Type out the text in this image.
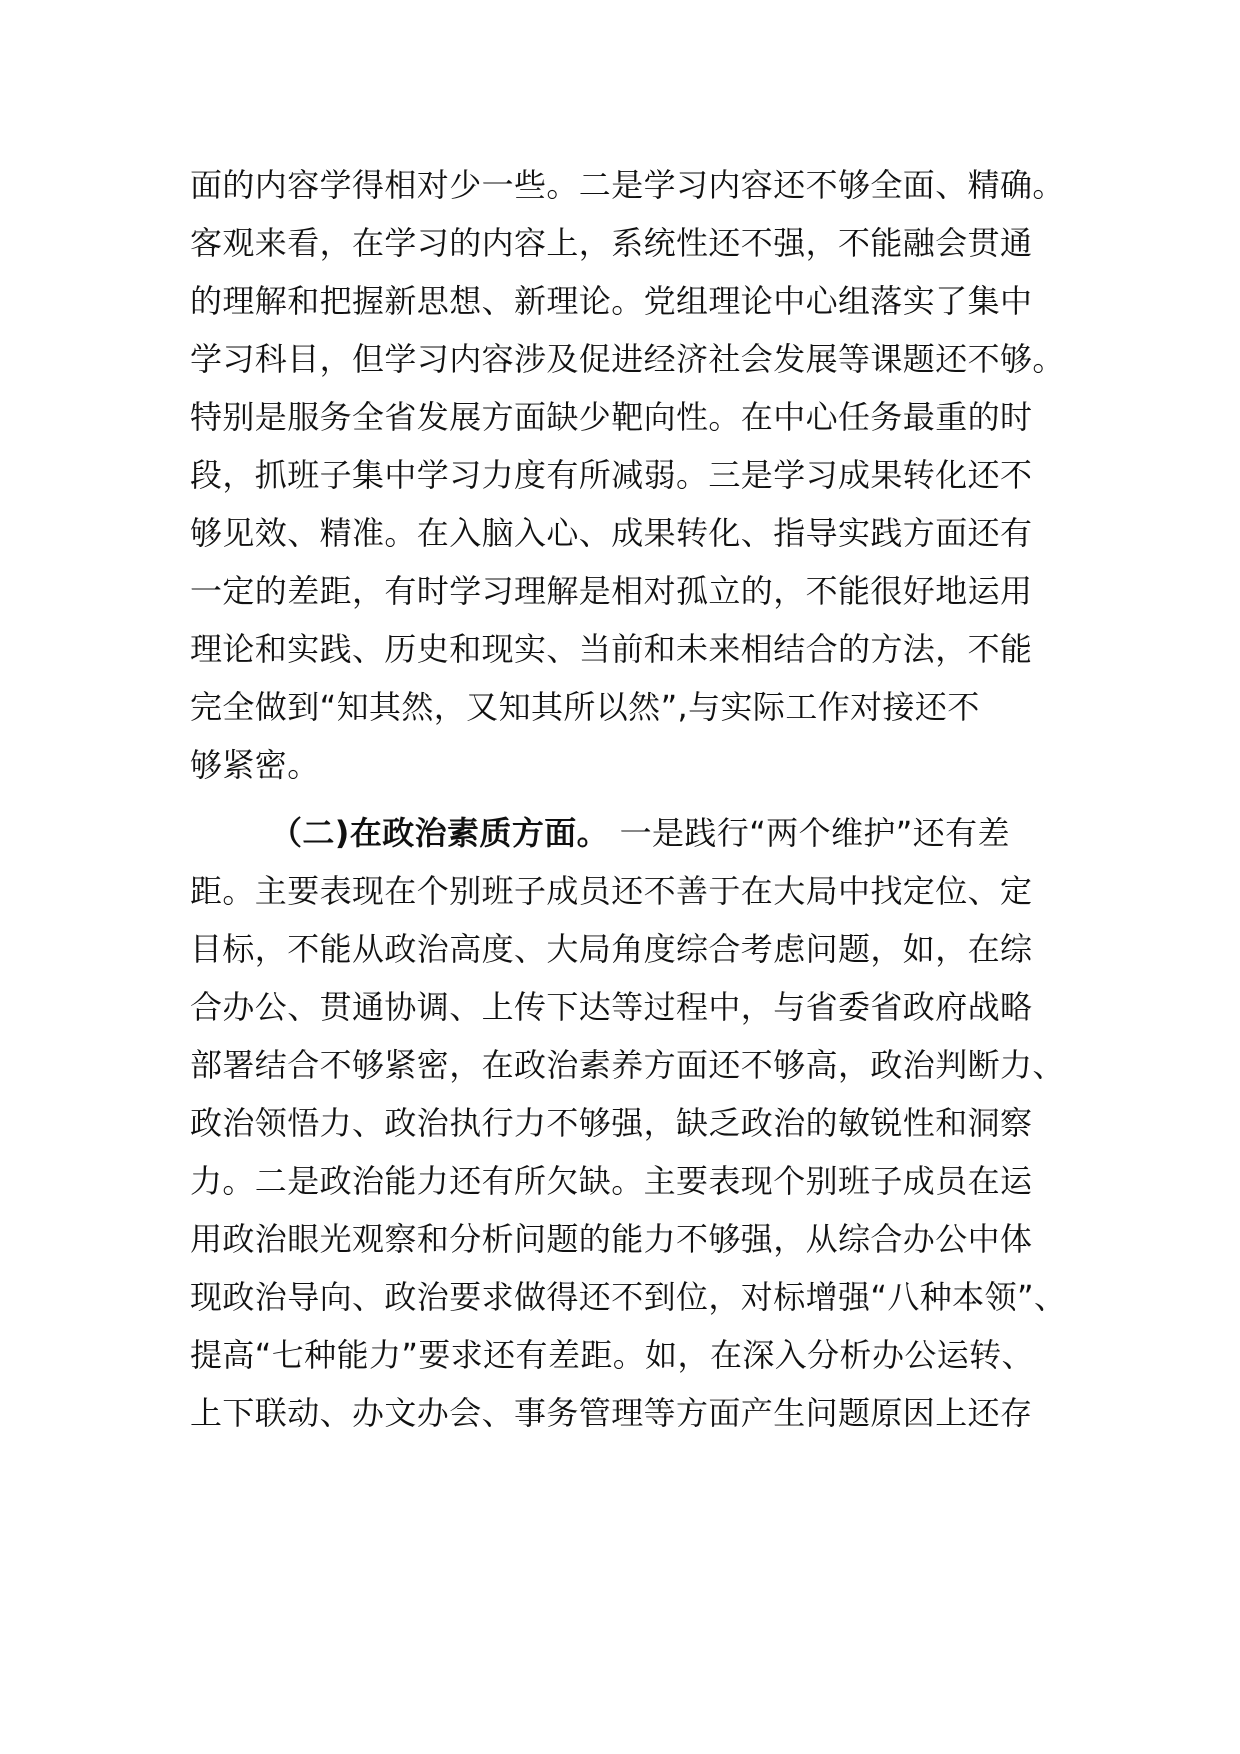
面的内容学得相对少一些。二是学习内容还不够全面、精确。
客观来看，在学习的内容上，系统性还不强，不能融会贯通
的理解和把握新思想、新理论。党组理论中心组落实了集中
学习科目，但学习内容涉及促进经济社会发展等课题还不够。
特别是服务全省发展方面缺少靶向性。在中心任务最重的时
段，抓班子集中学习力度有所减弱。三是学习成果转化还不
够见效、精准。在入脑入心、成果转化、指导实践方面还有
一定的差距，有时学习理解是相对孤立的，不能很好地运用
理论和实践、历史和现实、当前和未来相结合的方法，不能
完全做到“知其然，又知其所以然”,与实际工作对接还不
够紧密。
（二)在政治素质方面。 一是践行“两个维护”还有差
距。主要表现在个别班子成员还不善于在大局中找定位、定
目标，不能从政治高度、大局角度综合考虑问题，如，在综
合办公、贯通协调、上传下达等过程中，与省委省政府战略
部署结合不够紧密，在政治素养方面还不够高，政治判断力、
政治领悟力、政治执行力不够强，缺乏政治的敏锐性和洞察
力。二是政治能力还有所欠缺。主要表现个别班子成员在运
用政治眼光观察和分析问题的能力不够强，从综合办公中体
现政治导向、政治要求做得还不到位，对标增强“八种本领”、
提高“七种能力”要求还有差距。如，在深入分析办公运转、
上下联动、办文办会、事务管理等方面产生问题原因上还存
